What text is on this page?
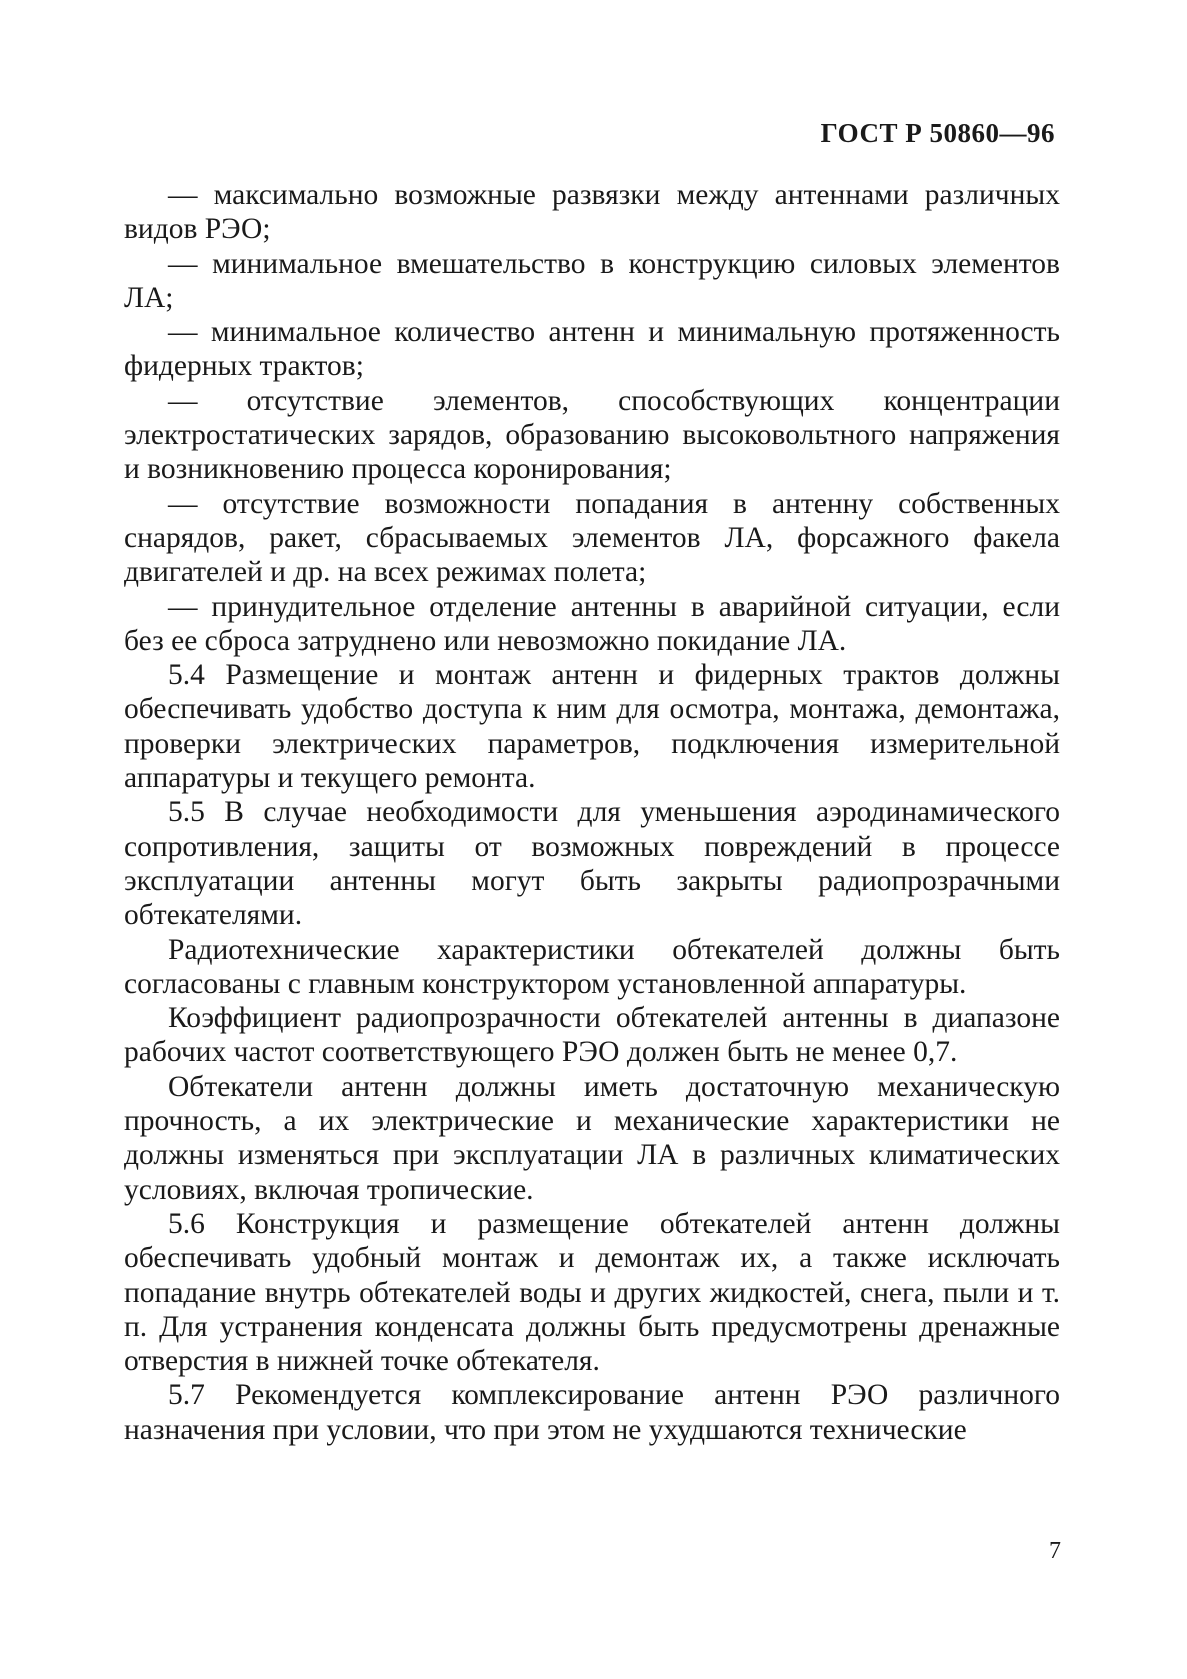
ГОСТ Р 50860—96

— максимально возможные развязки между антеннами различных видов РЭО;

— минимальное вмешательство в конструкцию силовых элементов ЛА;

— минимальное количество антенн и минимальную протяженность фидерных трактов;

— отсутствие элементов, способствующих концентрации электростатических зарядов, образованию высоковольтного напряжения и возникновению процесса коронирования;

— отсутствие возможности попадания в антенну собственных снарядов, ракет, сбрасываемых элементов ЛА, форсажного факела двигателей и др. на всех режимах полета;

— принудительное отделение антенны в аварийной ситуации, если без ее сброса затруднено или невозможно покидание ЛА.

5.4 Размещение и монтаж антенн и фидерных трактов должны обеспечивать удобство доступа к ним для осмотра, монтажа, демонтажа, проверки электрических параметров, подключения измерительной аппаратуры и текущего ремонта.

5.5 В случае необходимости для уменьшения аэродинамического сопротивления, защиты от возможных повреждений в процессе эксплуатации антенны могут быть закрыты радиопрозрачными обтекателями.

Радиотехнические характеристики обтекателей должны быть согласованы с главным конструктором установленной аппаратуры.

Коэффициент радиопрозрачности обтекателей антенны в диапазоне рабочих частот соответствующего РЭО должен быть не менее 0,7.

Обтекатели антенн должны иметь достаточную механическую прочность, а их электрические и механические характеристики не должны изменяться при эксплуатации ЛА в различных климатических условиях, включая тропические.

5.6 Конструкция и размещение обтекателей антенн должны обеспечивать удобный монтаж и демонтаж их, а также исключать попадание внутрь обтекателей воды и других жидкостей, снега, пыли и т. п. Для устранения конденсата должны быть предусмотрены дренажные отверстия в нижней точке обтекателя.

5.7 Рекомендуется комплексирование антенн РЭО различного назначения при условии, что при этом не ухудшаются технические

7
